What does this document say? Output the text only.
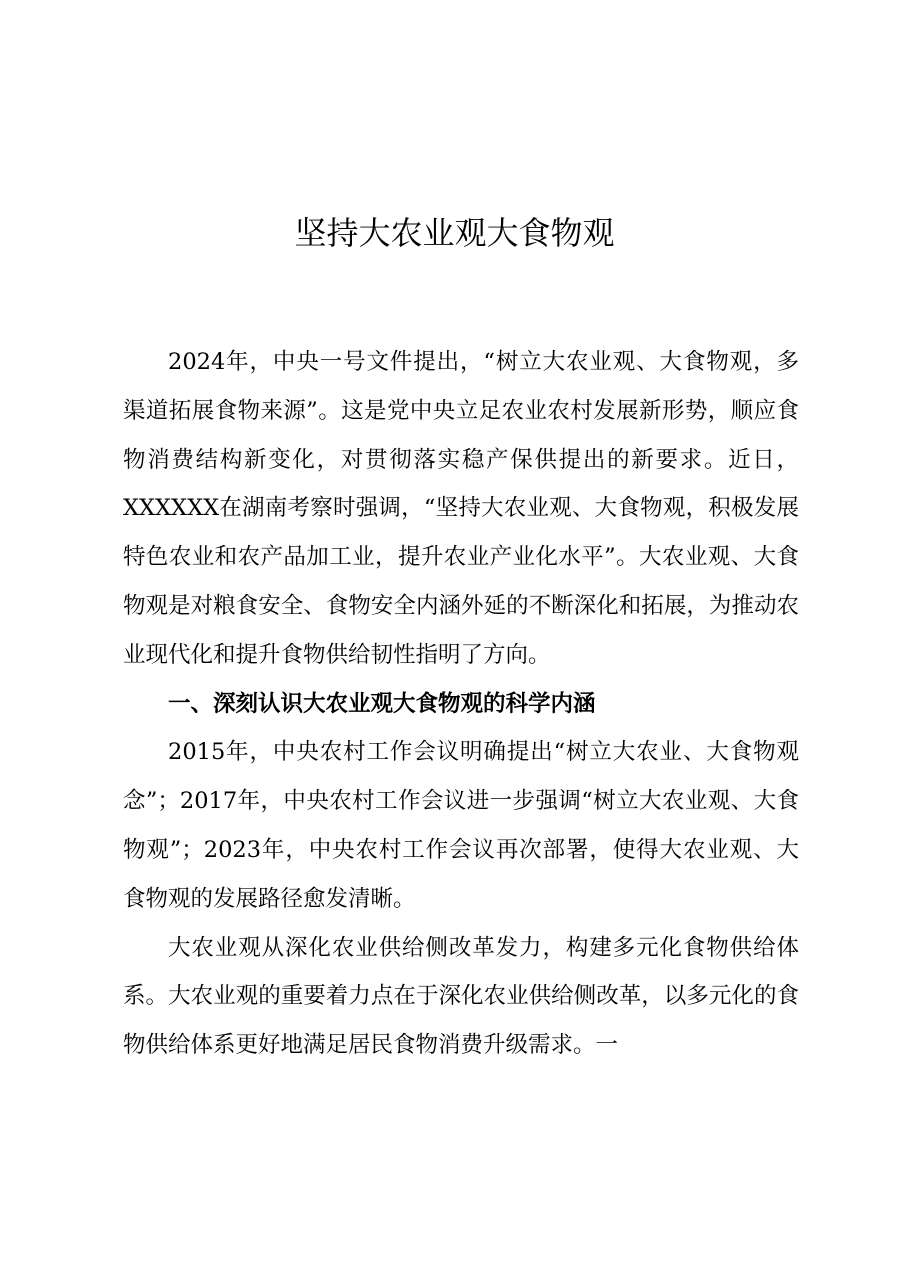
坚持大农业观大食物观

2024年，中央一号文件提出，“树立大农业观、大食物观，多渠道拓展食物来源”。这是党中央立足农业农村发展新形势，顺应食物消费结构新变化，对贯彻落实稳产保供提出的新要求。近日，XXXXXX在湖南考察时强调，“坚持大农业观、大食物观，积极发展特色农业和农产品加工业，提升农业产业化水平”。大农业观、大食物观是对粮食安全、食物安全内涵外延的不断深化和拓展，为推动农业现代化和提升食物供给韧性指明了方向。

一、深刻认识大农业观大食物观的科学内涵

2015年，中央农村工作会议明确提出“树立大农业、大食物观念”；2017年，中央农村工作会议进一步强调“树立大农业观、大食物观”；2023年，中央农村工作会议再次部署，使得大农业观、大食物观的发展路径愈发清晰。

大农业观从深化农业供给侧改革发力，构建多元化食物供给体系。大农业观的重要着力点在于深化农业供给侧改革，以多元化的食物供给体系更好地满足居民食物消费升级需求。一
